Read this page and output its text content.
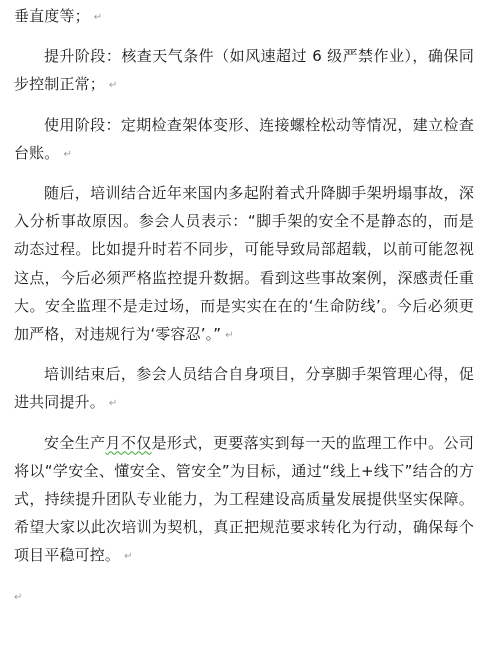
垂直度等； ↵

提升阶段：核查天气条件（如风速超过 6 级严禁作业），确保同步控制正常； ↵

使用阶段：定期检查架体变形、连接螺栓松动等情况，建立检查台账。 ↵

随后，培训结合近年来国内多起附着式升降脚手架坍塌事故，深入分析事故原因。参会人员表示：“脚手架的安全不是静态的，而是动态过程。比如提升时若不同步，可能导致局部超载，以前可能忽视这点，今后必须严格监控提升数据。看到这些事故案例，深感责任重大。安全监理不是走过场，而是实实在在的‘生命防线’。今后必须更加严格，对违规行为‘零容忍’。” ↵

培训结束后，参会人员结合自身项目，分享脚手架管理心得，促进共同提升。 ↵

安全生产月不仅是形式，更要落实到每一天的监理工作中。公司将以“学安全、懂安全、管安全”为目标，通过“线上+线下”结合的方式，持续提升团队专业能力，为工程建设高质量发展提供坚实保障。希望大家以此次培训为契机，真正把规范要求转化为行动，确保每个项目平稳可控。 ↵

↵
